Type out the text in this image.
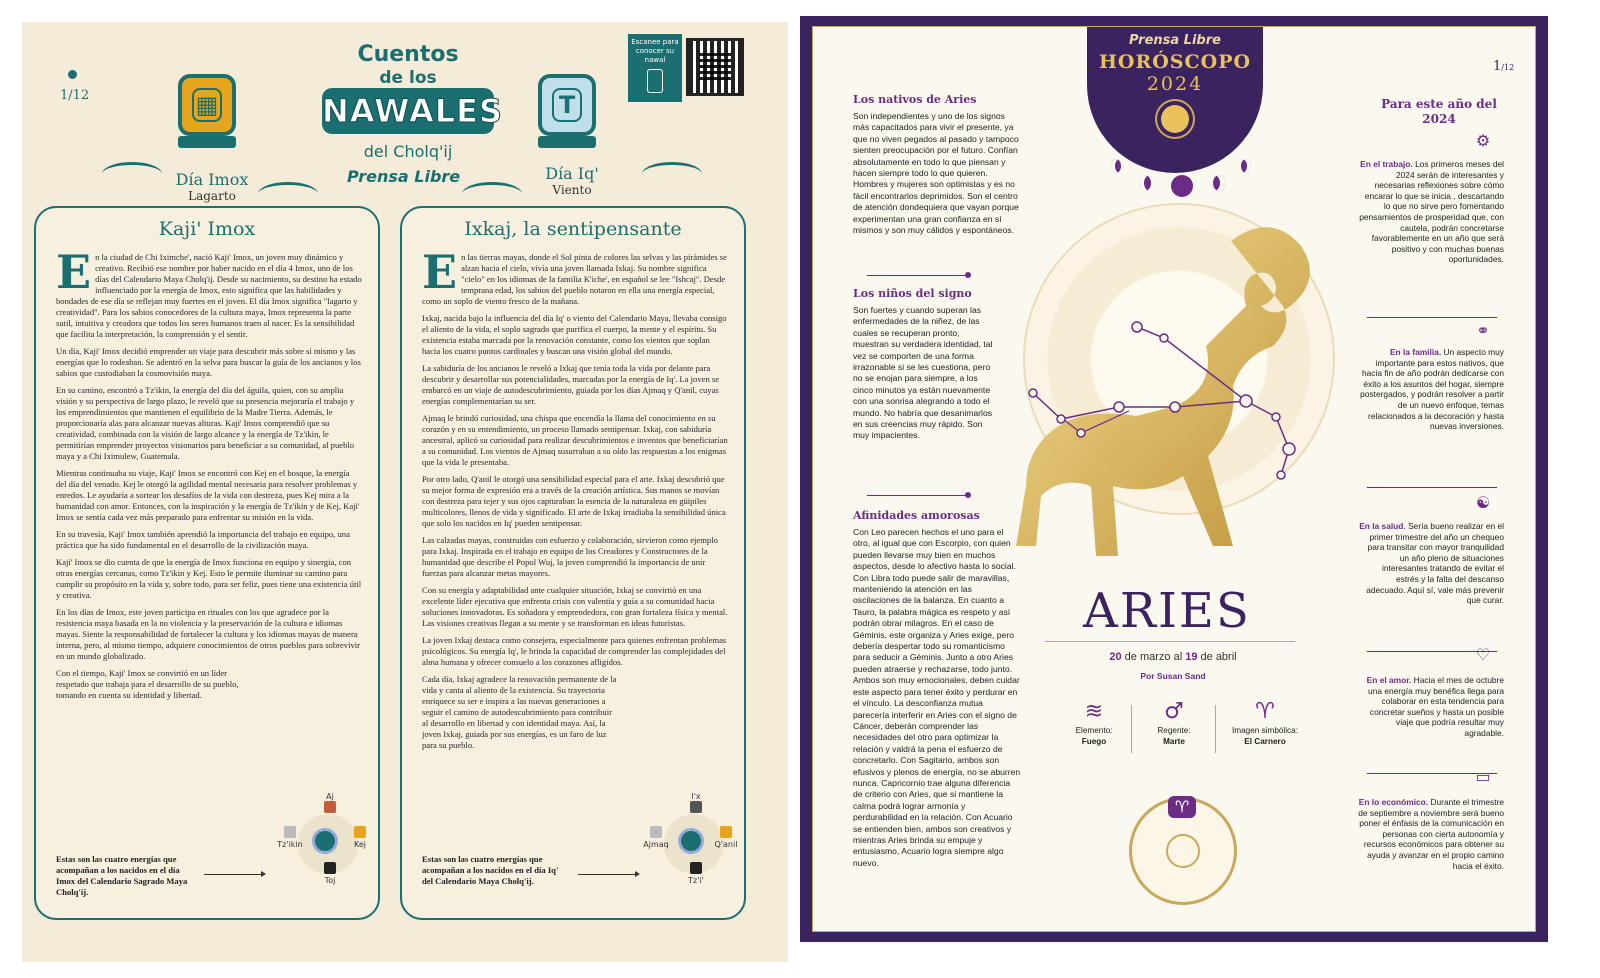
1/12
Cuentos
de los
NAWALES
del Cholq'ij
Escanee para conocer su nawal
▦	T
Día Imox
Lagarto
Día Iq'
Viento
Prensa Libre
Kaji' Imox

En la ciudad de Chi Iximche', nació Kaji' Imox, un joven muy dinámico y creativo. Recibió ese nombre por haber nacido en el día 4 Imox, uno de los días del Calendario Maya Cholq'ij. Desde su nacimiento, su destino ha estado influenciado por la energía de Imox, esto significa que las habilidades y bondades de ese día se reflejan muy fuertes en el joven. El día Imox significa "lagarto y creatividad". Para los sabios conocedores de la cultura maya, Imox representa la parte sutil, intuitiva y creadora que todos los seres humanos traen al nacer. Es la sensibilidad que facilita la interpretación, la comprensión y el sentir.

Un día, Kaji' Imox decidió emprender un viaje para descubrir más sobre sí mismo y las energías que lo rodeaban. Se adentró en la selva para buscar la guía de los ancianos y los sabios que custodiaban la cosmovisión maya.

En su camino, encontró a Tz'ikin, la energía del día del águila, quien, con su amplia visión y su perspectiva de largo plazo, le reveló que su presencia mejoraría el trabajo y los emprendimientos que mantienen el equilibrio de la Madre Tierra. Además, le proporcionaría alas para alcanzar nuevas alturas. Kaji' Imox comprendió que su creatividad, combinada con la visión de largo alcance y la energía de Tz'ikin, le permitirían emprender proyectos visionarios para beneficiar a su comunidad, al pueblo maya y a Chi Iximulew, Guatemala.

Mientras continuaba su viaje, Kaji' Imox se encontró con Kej en el bosque, la energía del día del venado. Kej le otorgó la agilidad mental necesaria para resolver problemas y enredos. Le ayudaría a sortear los desafíos de la vida con destreza, pues Kej mira a la humanidad con amor. Entonces, con la inspiración y la energía de Tz'ikin y de Kej, Kaji' Imox se sentía cada vez más preparado para enfrentar su misión en la vida.

En su travesía, Kaji' Imox también aprendió la importancia del trabajo en equipo, una práctica que ha sido fundamental en el desarrollo de la civilización maya.

Kaji' Imox se dio cuenta de que la energía de Imox funciona en equipo y sinergia, con otras energías cercanas, como Tz'ikin y Kej. Esto le permite iluminar su camino para cumplir su propósito en la vida y, sobre todo, para ser feliz, pues tiene una existencia útil y creativa.

En los días de Imox, este joven participa en rituales con los que agradece por la resistencia maya basada en la no violencia y la preservación de la cultura e idiomas mayas. Siente la responsabilidad de fortalecer la cultura y los idiomas mayas de manera interna, pero, al mismo tiempo, adquiere conocimientos de otros pueblos para sobrevivir en un mundo globalizado.

Con el tiempo, Kaji' Imox se convirtió en un líder respetado que trabaja para el desarrollo de su pueblo, tomando en cuenta su identidad y libertad.

Estas son las cuatro energías que acompañan a los nacidos en el día Imox del Calendario Sagrado Maya Cholq'ij.
Aj
Tz'ikin	Kej
Toj
Ixkaj, la sentipensante

En las tierras mayas, donde el Sol pinta de colores las selvas y las pirámides se alzan hacia el cielo, vivía una joven llamada Ixkaj. Su nombre significa "cielo" en los idiomas de la familia K'iche', en español se lee "Ishcaj". Desde temprana edad, los sabios del pueblo notaron en ella una energía especial, como un soplo de viento fresco de la mañana.

Ixkaj, nacida bajo la influencia del día Iq' o viento del Calendario Maya, llevaba consigo el aliento de la vida, el soplo sagrado que purifica el cuerpo, la mente y el espíritu. Su existencia estaba marcada por la renovación constante, como los vientos que soplan hacia los cuatro puntos cardinales y buscan una visión global del mundo.

La sabiduría de los ancianos le reveló a Ixkaj que tenía toda la vida por delante para descubrir y desarrollar sus potencialidades, marcadas por la energía de Iq'. La joven se embarcó en un viaje de autodescubrimiento, guiada por los días Ajmaq y Q'anil, cuyas energías complementarían su ser.

Ajmaq le brindó curiosidad, una chispa que encendía la llama del conocimiento en su corazón y en su entendimiento, un proceso llamado sentipensar. Ixkaj, con sabiduría ancestral, aplicó su curiosidad para realizar descubrimientos e inventos que beneficiarían a su comunidad. Los vientos de Ajmaq susurraban a su oído las respuestas a los enigmas que la vida le presentaba.

Por otro lado, Q'anil le otorgó una sensibilidad especial para el arte. Ixkaj descubrió que su mejor forma de expresión era a través de la creación artística. Sus manos se movían con destreza para tejer y sus ojos capturaban la esencia de la naturaleza en güipiles multicolores, llenos de vida y significado. El arte de Ixkaj irradiaba la sensibilidad única que solo los nacidos en Iq' pueden sentipensar.

Las calzadas mayas, construidas con esfuerzo y colaboración, sirvieron como ejemplo para Ixkaj. Inspirada en el trabajo en equipo de los Creadores y Constructores de la humanidad que describe el Popol Wuj, la joven comprendió la importancia de unir fuerzas para alcanzar metas mayores.

Con su energía y adaptabilidad ante cualquier situación, Ixkaj se convirtió en una excelente líder ejecutiva que enfrenta crisis con valentía y guía a su comunidad hacia soluciones innovadoras. Es soñadora y emprendedora, con gran fortaleza física y mental. Las visiones creativas llegan a su mente y se transforman en ideas futuristas.

La joven Ixkaj destaca como consejera, especialmente para quienes enfrentan problemas psicológicos. Su energía Iq', le brinda la capacidad de comprender las complejidades del alma humana y ofrecer consuelo a los corazones afligidos.

Cada día, Ixkaj agradece la renovación permanente de la vida y canta al aliento de la existencia. Su trayectoria enriquece su ser e inspira a las nuevas generaciones a seguir el camino de autodescubrimiento para contribuir al desarrollo en libertad y con identidad maya. Así, la joven Ixkaj, guiada por sus energías, es un faro de luz para su pueblo.

Estas son las cuatro energías que acompañan a los nacidos en el día Iq' del Calendario Maya Cholq'ij.
I'x
Ajmaq	Q'anil
Tz'i'
Prensa Libre
HORÓSCOPO
2024
1/12
Los nativos de Aries
Son independientes y uno de los signos más capacitados para vivir el presente, ya que no viven pegados al pasado y tampoco sienten preocupación por el futuro. Confían absolutamente en todo lo que piensan y hacen siempre todo lo que quieren. Hombres y mujeres son optimistas y es no fácil encontrarlos deprimidos. Son el centro de atención dondequiera que vayan porque experimentan una gran confianza en sí mismos y son muy cálidos y espontáneos.
Los niños del signo
Son fuertes y cuando superan las enfermedades de la niñez, de las cuales se recuperan pronto, muestran su verdadera identidad, tal vez se comporten de una forma irrazonable si se les cuestiona, pero no se enojan para siempre, a los cinco minutos ya están nuevamente con una sonrisa alegrando a todo el mundo. No habría que desanimarlos en sus creencias muy rápido. Son muy impacientes.
Afinidades amorosas
Con Leo parecen hechos el uno para el otro, al igual que con Escorpio, con quien pueden llevarse muy bien en muchos aspectos, desde lo afectivo hasta lo social. Con Libra todo puede salir de maravillas, manteniendo la atención en las oscilaciones de la balanza. En cuanto a Tauro, la palabra mágica es respeto y así podrán obrar milagros. En el caso de Géminis, este organiza y Aries exige, pero debería despertar todo su romanticismo para seducir a Géminis. Junto a otro Aries pueden atraerse y rechazarse, todo junto. Ambos son muy emocionales, deben cuidar este aspecto para tener éxito y perdurar en el vínculo. La desconfianza mutua parecería interferir en Aries con el signo de Cáncer, deberán comprender las necesidades del otro para optimizar la relación y valdrá la pena el esfuerzo de concretarlo. Con Sagitario, ambos son efusivos y plenos de energía, no se aburren nunca. Capricornio trae alguna diferencia de criterio con Aries, que si mantiene la calma podrá lograr armonía y perdurabilidad en la relación. Con Acuario se entienden bien, ambos son creativos y mientras Aries brinda su empuje y entusiasmo, Acuario logra siempre algo nuevo.
ARIES
20 de marzo al 19 de abril
Por Susan Sand
≋
Elemento:
Fuego
♂
Regente:
Marte
♈
Imagen simbólica:
El Carnero
♈
Para este año del 2024
⚙
En el trabajo. Los primeros meses del 2024 serán de interesantes y necesarias reflexiones sobre cómo encarar lo que se inicia , descartando lo que no sirve pero fomentando pensamientos de prosperidad que, con cautela, podrán concretarse favorablemente en un año que será positivo y con muchas buenas oportunidades.
⚭
En la familia. Un aspecto muy importante para estos nativos, que hacia fin de año podrán dedicarse con éxito a los asuntos del hogar, siempre postergados, y podrán resolver a partir de un nuevo enfoque, temas relacionados a la decoración y hasta nuevas inversiones.
☯
En la salud. Sería bueno realizar en el primer trimestre del año un chequeo para transitar con mayor tranquilidad un año pleno de situaciones interesantes tratando de evitar el estrés y la falta del descanso adecuado. Aquí sí, vale más prevenir que curar.
♡
En el amor. Hacia el mes de octubre una energía muy benéfica llega para colaborar en esta tendencia para concretar sueños y hasta un posible viaje que podría resultar muy agradable.
▭
En lo económico. Durante el trimestre de septiembre a noviembre será bueno poner el énfasis de la comunicación en personas con cierta autonomía y recursos económicos para obtener su ayuda y avanzar en el propio camino hacia el éxito.
